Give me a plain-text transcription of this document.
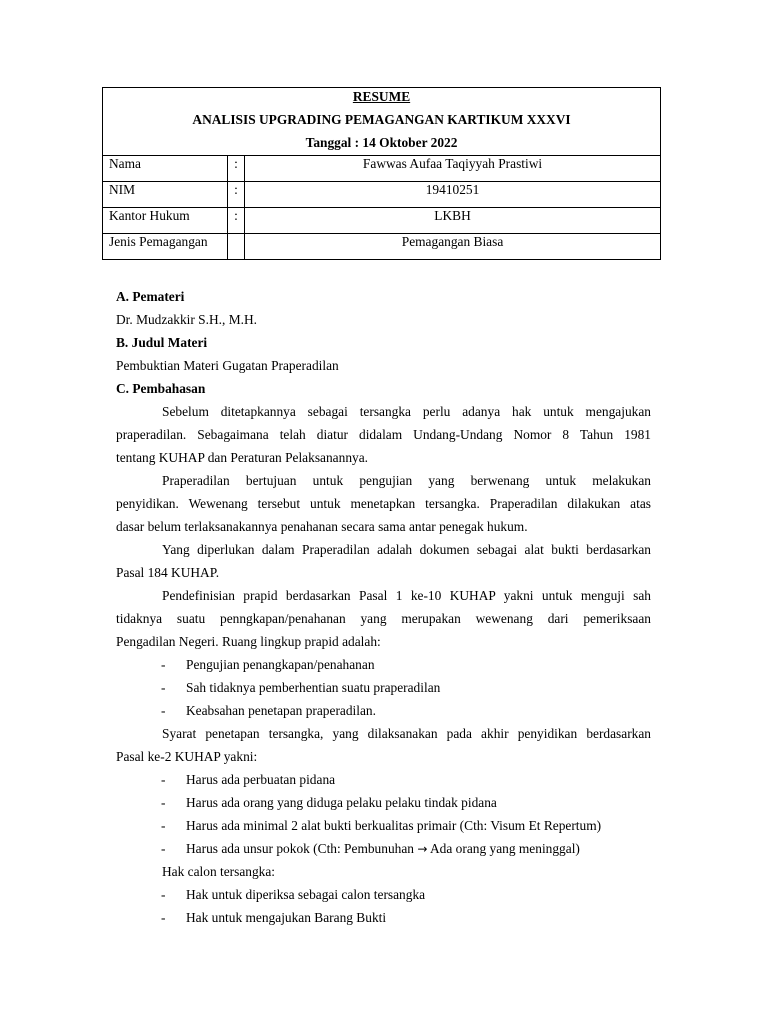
RESUME
ANALISIS UPGRADING PEMAGANGAN KARTIKUM XXXVI
Tanggal : 14 Oktober 2022		

Nama	:	Fawwas Aufaa Taqiyyah Prastiwi
NIM	:	19410251
Kantor Hukum	:	LKBH
Jenis Pemagangan		Pemagangan Biasa
A. Pemateri
Dr. Mudzakkir S.H., M.H.
B. Judul Materi
Pembuktian Materi Gugatan Praperadilan
C. Pembahasan
Sebelum ditetapkannya sebagai tersangka perlu adanya hak untuk mengajukan
praperadilan. Sebagaimana telah diatur didalam Undang-Undang Nomor 8 Tahun 1981
tentang KUHAP dan Peraturan Pelaksanannya.
Praperadilan bertujuan untuk pengujian yang berwenang untuk melakukan
penyidikan. Wewenang tersebut untuk menetapkan tersangka. Praperadilan dilakukan atas
dasar belum terlaksanakannya penahanan secara sama antar penegak hukum.
Yang diperlukan dalam Praperadilan adalah dokumen sebagai alat bukti berdasarkan
Pasal 184 KUHAP.
Pendefinisian prapid berdasarkan Pasal 1 ke-10 KUHAP yakni untuk menguji sah
tidaknya suatu penngkapan/penahanan yang merupakan wewenang dari pemeriksaan
Pengadilan Negeri. Ruang lingkup prapid adalah:
- Pengujian penangkapan/penahanan
- Sah tidaknya pemberhentian suatu praperadilan
- Keabsahan penetapan praperadilan.
Syarat penetapan tersangka, yang dilaksanakan pada akhir penyidikan berdasarkan
Pasal ke-2 KUHAP yakni:
- Harus ada perbuatan pidana
- Harus ada orang yang diduga pelaku pelaku tindak pidana
- Harus ada minimal 2 alat bukti berkualitas primair (Cth: Visum Et Repertum)
- Harus ada unsur pokok (Cth: Pembunuhan → Ada orang yang meninggal)
Hak calon tersangka:
- Hak untuk diperiksa sebagai calon tersangka
- Hak untuk mengajukan Barang Bukti
